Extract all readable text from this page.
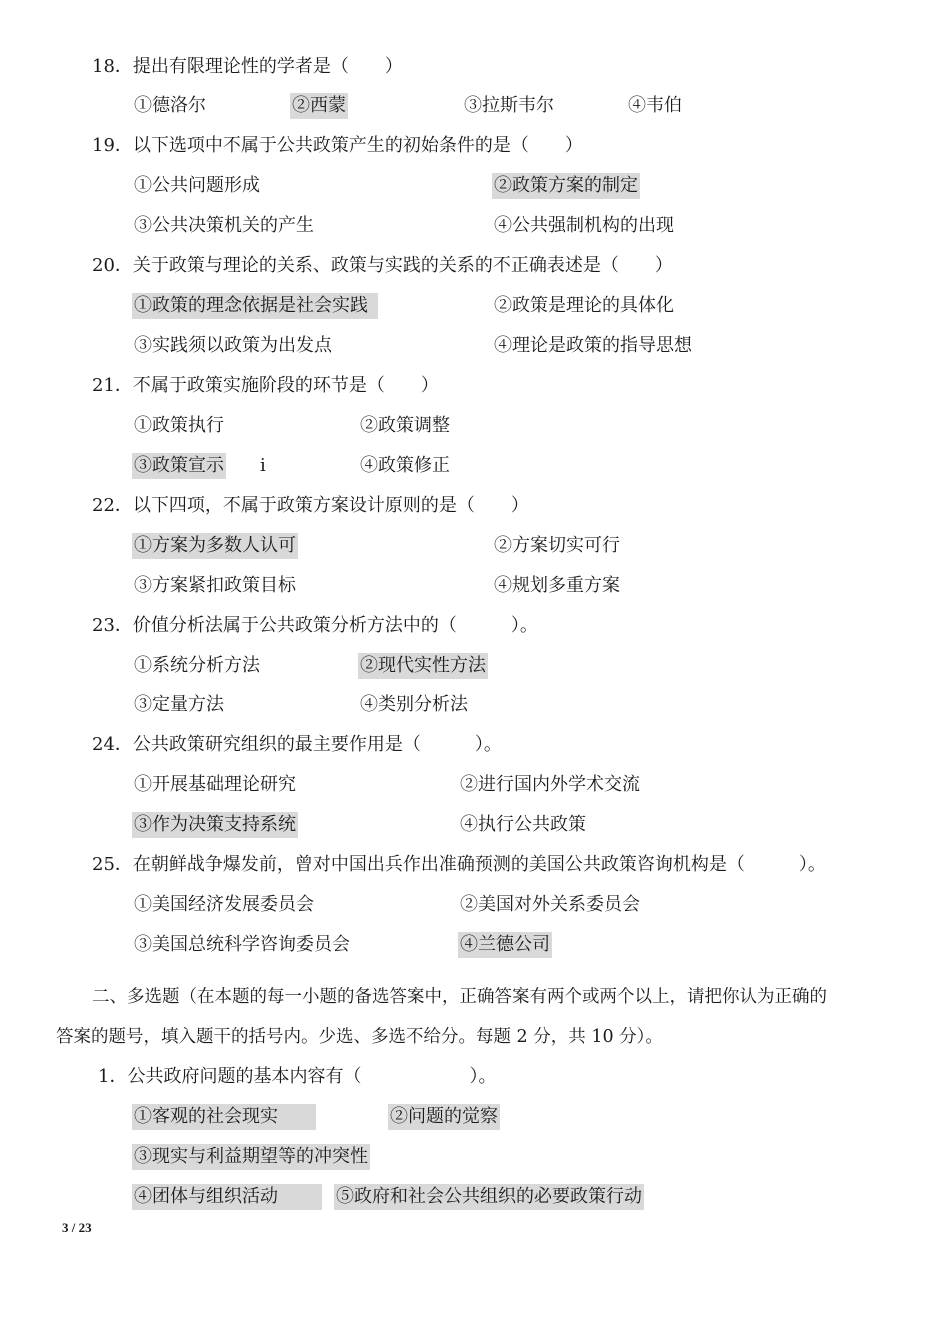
18．提出有限理论性的学者是（　　）
①德洛尔	②西蒙	③拉斯韦尔	④韦伯
19．以下选项中不属于公共政策产生的初始条件的是（　　）
①公共问题形成	②政策方案的制定
③公共决策机关的产生	④公共强制机构的出现
20．关于政策与理论的关系、政策与实践的关系的不正确表述是（　　）
①政策的理念依据是社会实践	②政策是理论的具体化
③实践须以政策为出发点	④理论是政策的指导思想
21．不属于政策实施阶段的环节是（　　）
①政策执行	②政策调整
③政策宣示 i	④政策修正
22．以下四项，不属于政策方案设计原则的是（　　）
①方案为多数人认可	②方案切实可行
③方案紧扣政策目标	④规划多重方案
23．价值分析法属于公共政策分析方法中的（　　　）。
①系统分析方法	②现代实性方法
③定量方法	④类别分析法
24．公共政策研究组织的最主要作用是（　　　）。
①开展基础理论研究	②进行国内外学术交流
③作为决策支持系统	④执行公共政策
25．在朝鲜战争爆发前，曾对中国出兵作出准确预测的美国公共政策咨询机构是（　　　）。
①美国经济发展委员会	②美国对外关系委员会
③美国总统科学咨询委员会	④兰德公司
二、多选题（在本题的每一小题的备选答案中，正确答案有两个或两个以上，请把你认为正确的
答案的题号，填入题干的括号内。少选、多选不给分。每题 2 分，共 10 分）。
1．公共政府问题的基本内容有（　　　　　　）。
①客观的社会现实	②问题的觉察
③现实与利益期望等的冲突性
④团体与组织活动	⑤政府和社会公共组织的必要政策行动
3 / 23
